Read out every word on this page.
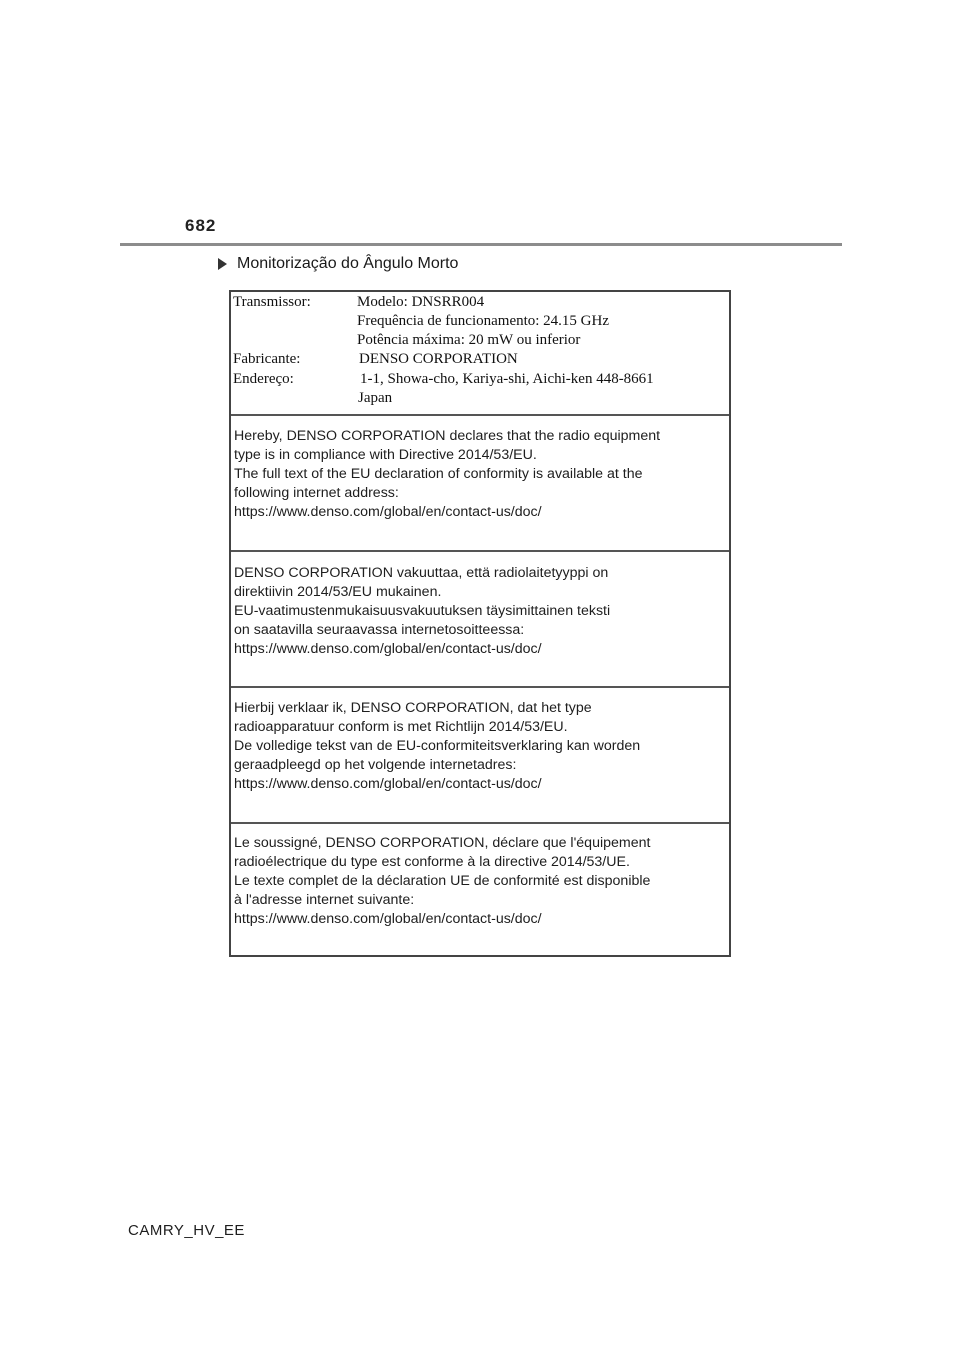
682
Monitorização do Ângulo Morto
Transmissor:	Modelo: DNSRR004
Frequência de funcionamento: 24.15 GHz
Potência máxima: 20 mW ou inferior
Fabricante:	DENSO CORPORATION
Endereço:	1-1, Showa-cho, Kariya-shi, Aichi-ken 448-8661
Japan
Hereby, DENSO CORPORATION declares that the radio equipment
type is in compliance with Directive 2014/53/EU.
The full text of the EU declaration of conformity is available at the
following internet address:
https://www.denso.com/global/en/contact-us/doc/
DENSO CORPORATION vakuuttaa, että radiolaitetyyppi on
direktiivin 2014/53/EU mukainen.
EU-vaatimustenmukaisuusvakuutuksen täysimittainen teksti
on saatavilla seuraavassa internetosoitteessa:
https://www.denso.com/global/en/contact-us/doc/
Hierbij verklaar ik, DENSO CORPORATION, dat het type
radioapparatuur conform is met Richtlijn 2014/53/EU.
De volledige tekst van de EU-conformiteitsverklaring kan worden
geraadpleegd op het volgende internetadres:
https://www.denso.com/global/en/contact-us/doc/
Le soussigné, DENSO CORPORATION, déclare que l'équipement
radioélectrique du type est conforme à la directive 2014/53/UE.
Le texte complet de la déclaration UE de conformité est disponible
à l'adresse internet suivante:
https://www.denso.com/global/en/contact-us/doc/
CAMRY_HV_EE
